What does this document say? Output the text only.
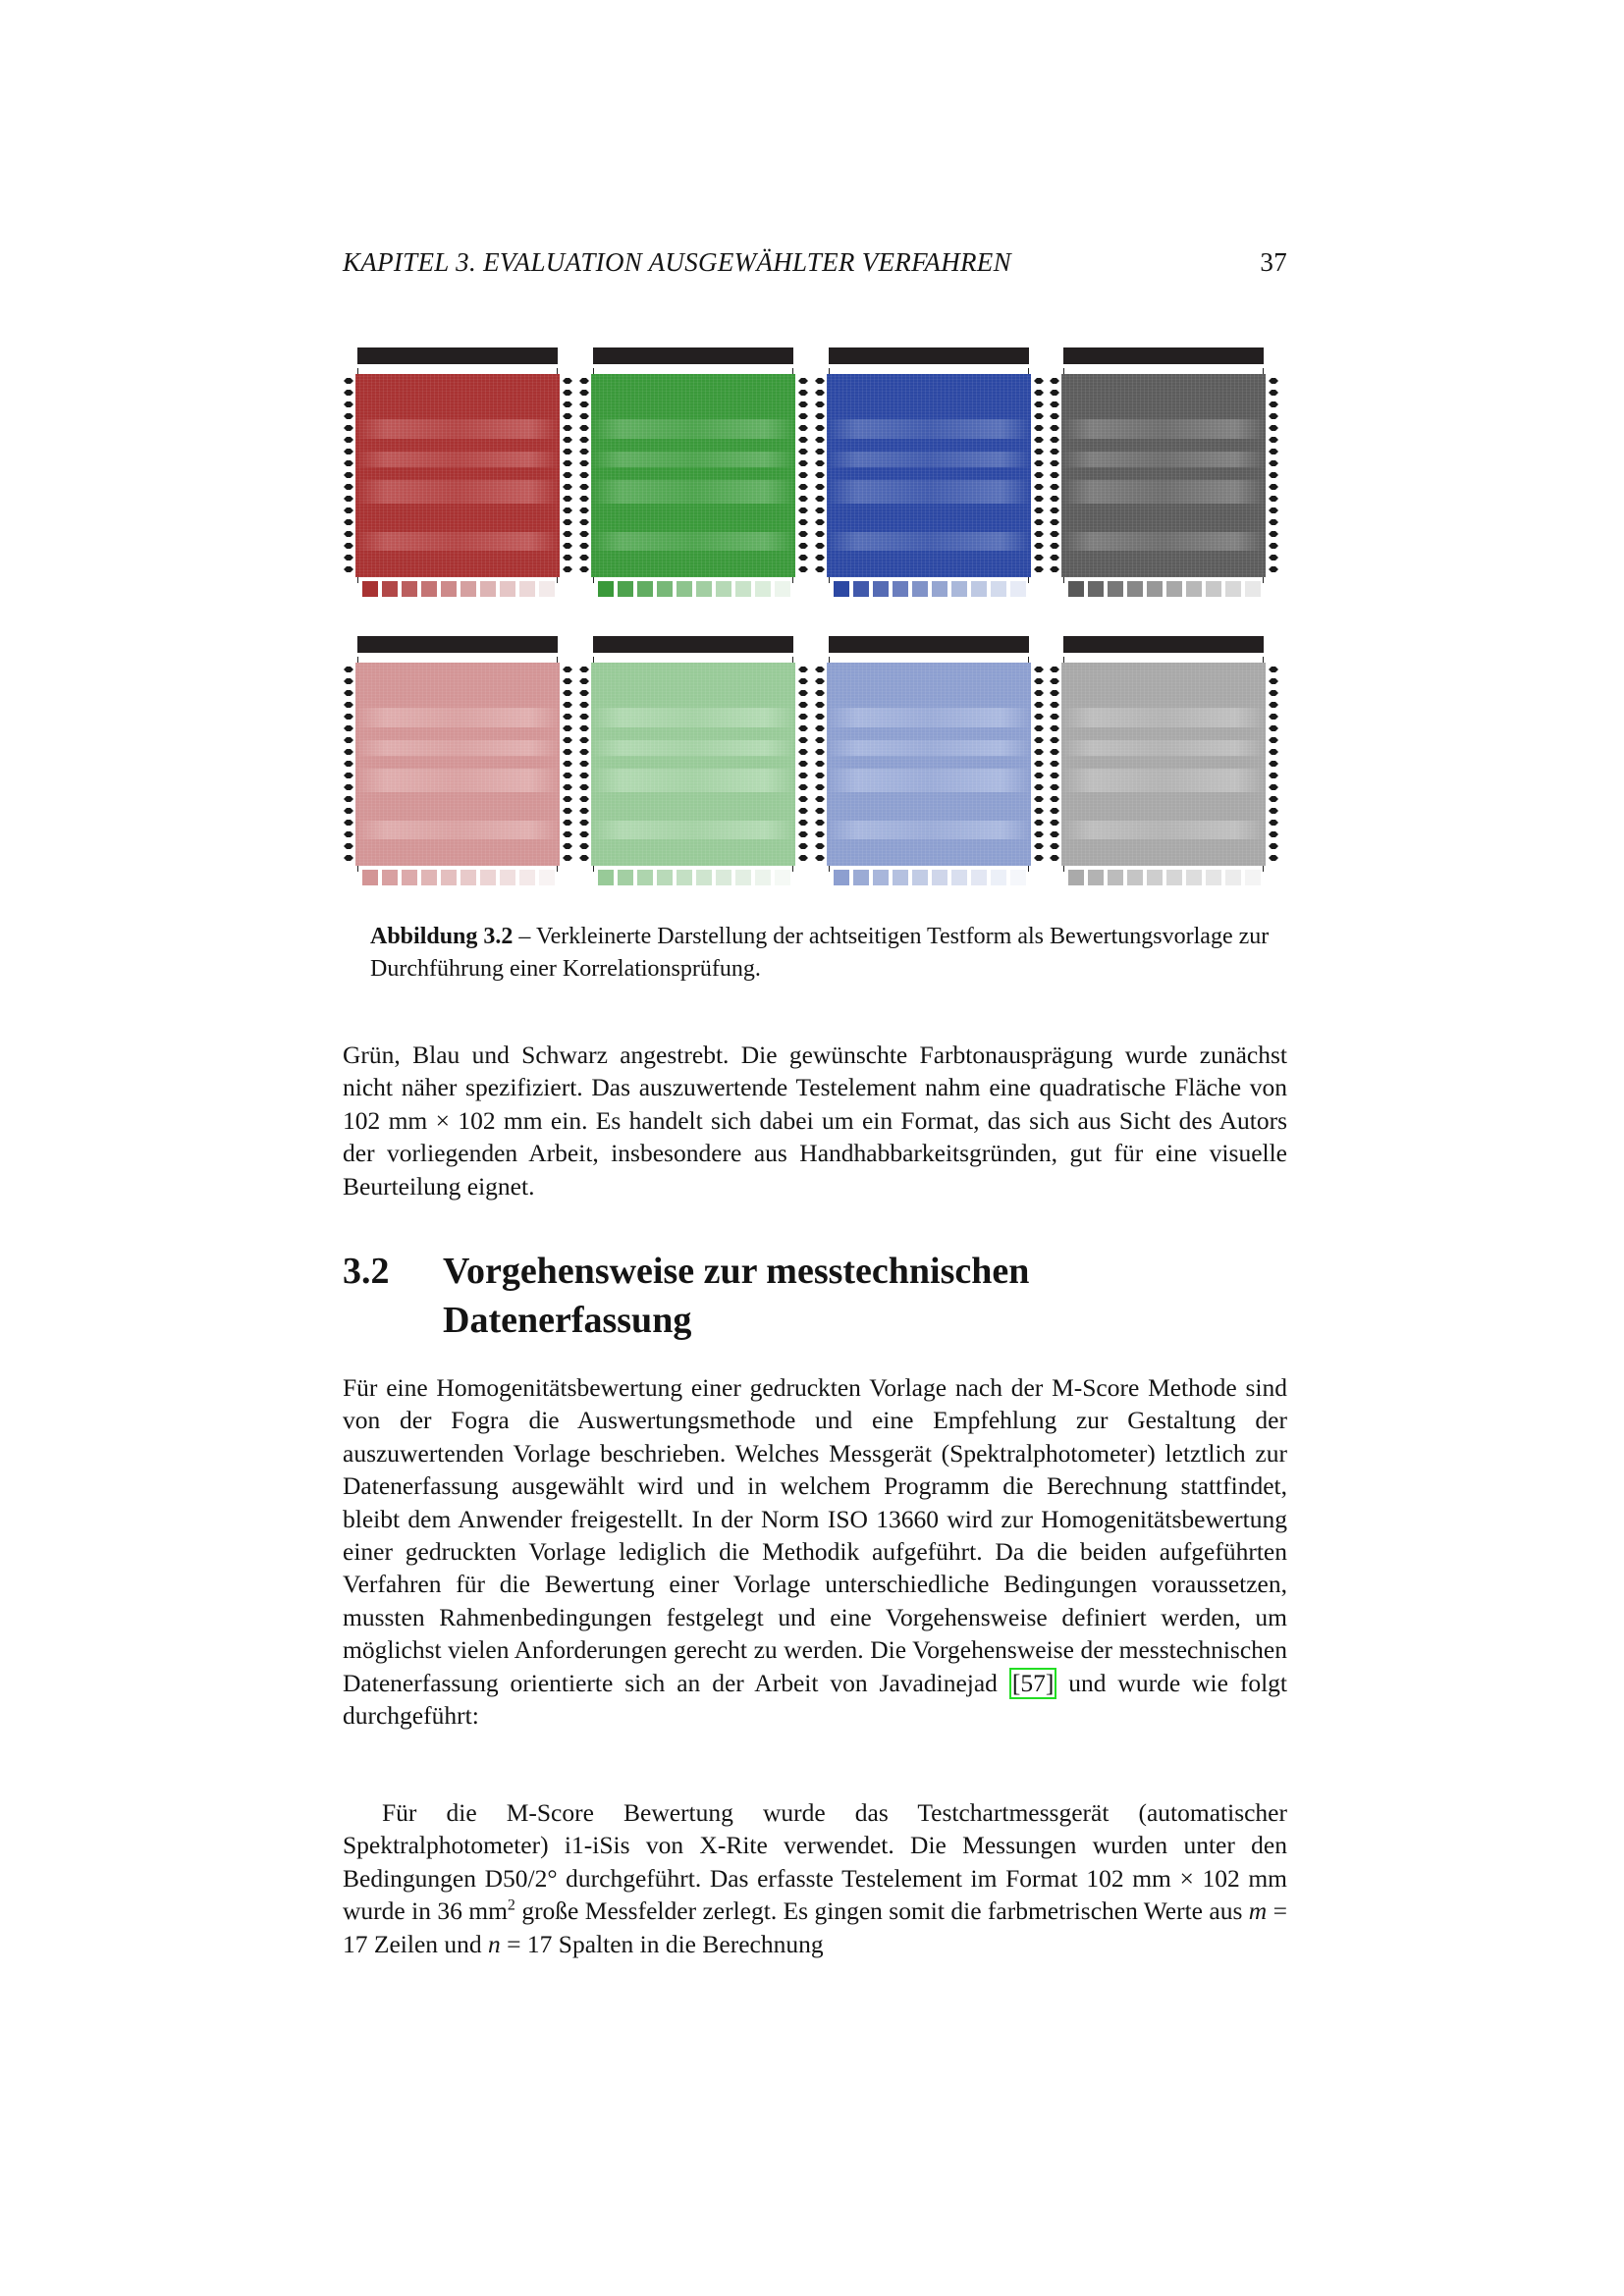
KAPITEL 3. EVALUATION AUSGEWÄHLTER VERFAHREN	37
Abbildung 3.2 – Verkleinerte Darstellung der achtseitigen Testform als Bewertungsvorlage zur Durchführung einer Korrelationsprüfung.

Grün, Blau und Schwarz angestrebt. Die gewünschte Farbtonausprägung wurde zunächst nicht näher spezifiziert. Das auszuwertende Testelement nahm eine quadratische Fläche von 102 mm × 102 mm ein. Es handelt sich dabei um ein Format, das sich aus Sicht des Autors der vorliegenden Arbeit, insbesondere aus Handhabbarkeitsgründen, gut für eine visuelle Beurteilung eignet.

3.2 Vorgehensweise zur messtechnischen Datenerfassung

Für eine Homogenitätsbewertung einer gedruckten Vorlage nach der M-Score Methode sind von der Fogra die Auswertungsmethode und eine Empfehlung zur Gestaltung der auszuwertenden Vorlage beschrieben. Welches Messgerät (Spektralphotometer) letztlich zur Datenerfassung ausgewählt wird und in welchem Programm die Berechnung stattfindet, bleibt dem Anwender freigestellt. In der Norm ISO 13660 wird zur Homogenitätsbewertung einer gedruckten Vorlage lediglich die Methodik aufgeführt. Da die beiden aufgeführten Verfahren für die Bewertung einer Vorlage unterschiedliche Bedingungen voraussetzen, mussten Rahmenbedingungen festgelegt und eine Vorgehensweise definiert werden, um möglichst vielen Anforderungen gerecht zu werden. Die Vorgehensweise der messtechnischen Datenerfassung orientierte sich an der Arbeit von Javadinejad [57] und wurde wie folgt durchgeführt:

Für die M-Score Bewertung wurde das Testchartmessgerät (automatischer Spektralphotometer) i1-iSis von X-Rite verwendet. Die Messungen wurden unter den Bedingungen D50/2° durchgeführt. Das erfasste Testelement im Format 102 mm × 102 mm wurde in 36 $mm^2$ große Messfelder zerlegt. Es gingen somit die farbmetrischen Werte aus m = 17 Zeilen und n = 17 Spalten in die Berechnung
